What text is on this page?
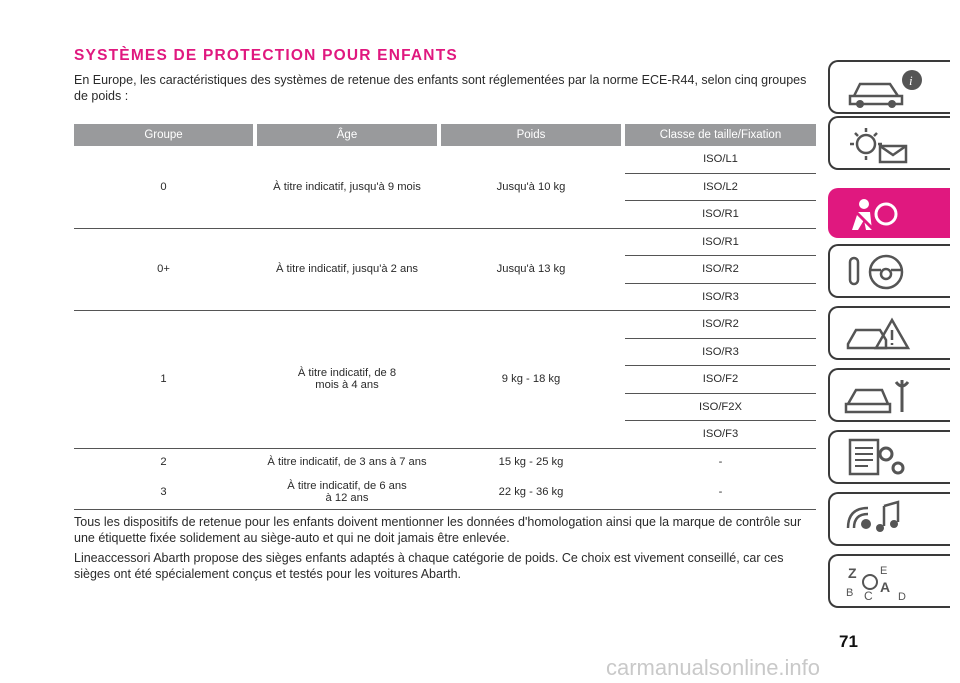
SYSTÈMES DE PROTECTION POUR ENFANTS
En Europe, les caractéristiques des systèmes de retenue des enfants sont réglementées par la norme ECE-R44, selon cinq groupes de poids :
Groupe		Âge		Poids		Classe de taille/Fixation
0		À titre indicatif, jusqu'à 9 mois		Jusqu'à 10 kg		ISO/L1
						ISO/L2
						ISO/R1
0+		À titre indicatif, jusqu'à 2 ans		Jusqu'à 13 kg		ISO/R1
						ISO/R2
						ISO/R3
1		À titre indicatif, de 8 mois à 4 ans		9 kg - 18 kg		ISO/R2
						ISO/R3
						ISO/F2
						ISO/F2X
						ISO/F3
2		À titre indicatif, de 3 ans à 7 ans		15 kg - 25 kg		-
3		À titre indicatif, de 6 ans à 12 ans		22 kg - 36 kg		-
Tous les dispositifs de retenue pour les enfants doivent mentionner les données d'homologation ainsi que la marque de contrôle sur une étiquette fixée solidement au siège-auto et qui ne doit jamais être enlevée.
Lineaccessori Abarth propose des sièges enfants adaptés à chaque catégorie de poids. Ce choix est vivement conseillé, car ces sièges ont été spécialement conçus et testés pour les voitures Abarth.
71
carmanualsonline.info
i
Z E
B C
A
D
